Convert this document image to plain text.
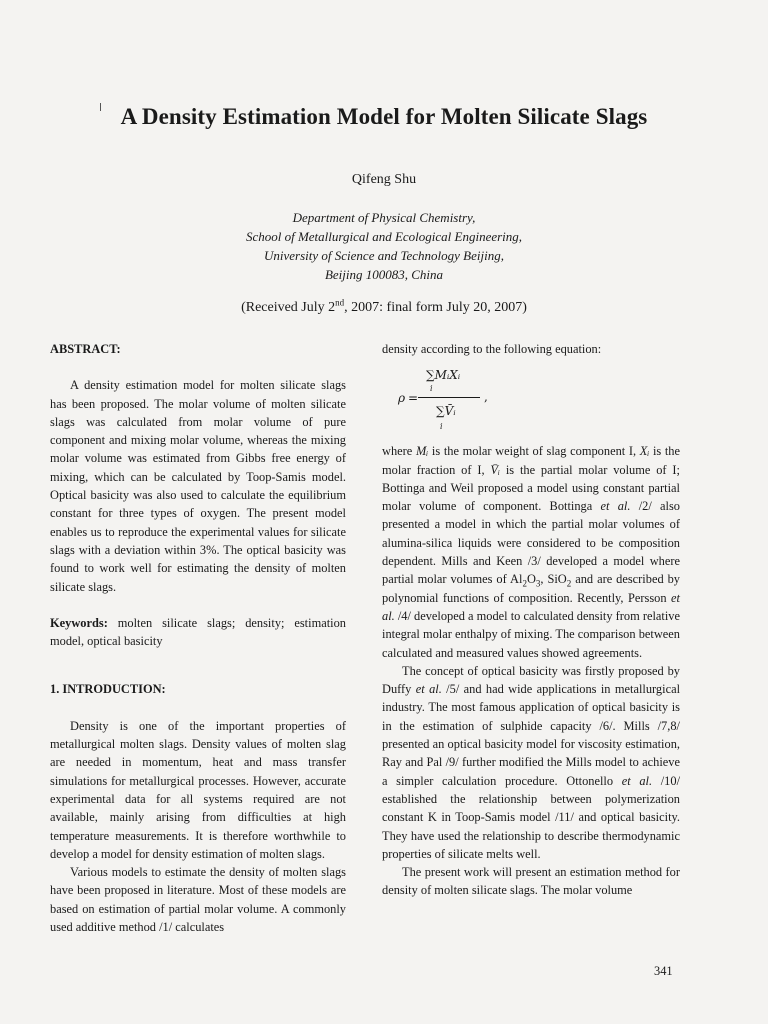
A Density Estimation Model for Molten Silicate Slags
Qifeng Shu
Department of Physical Chemistry,
School of Metallurgical and Ecological Engineering,
University of Science and Technology Beijing,
Beijing 100083, China
(Received July 2nd, 2007: final form July 20, 2007)

ABSTRACT:

A density estimation model for molten silicate slags has been proposed. The molar volume of molten silicate slags was calculated from molar volume of pure component and mixing molar volume, whereas the mixing molar volume was estimated from Gibbs free energy of mixing, which can be calculated by Toop-Samis model. Optical basicity was also used to calculate the equilibrium constant for three types of oxygen. The present model enables us to reproduce the experimental values for silicate slags with a deviation within 3%. The optical basicity was found to work well for estimating the density of molten silicate slags.

Keywords: molten silicate slags; density; estimation model, optical basicity

1. INTRODUCTION:

Density is one of the important properties of metallurgical molten slags. Density values of molten slag are needed in momentum, heat and mass transfer simulations for metallurgical processes. However, accurate experimental data for all systems required are not available, mainly arising from difficulties at high temperature measurements. It is therefore worthwhile to develop a model for density estimation of molten slags.

Various models to estimate the density of molten slags have been proposed in literature. Most of these models are based on estimation of partial molar volume. A commonly used additive method /1/ calculates

density according to the following equation:

ρ =
∑MᵢXᵢ
i
,
∑V̄ᵢ
i

where Mᵢ is the molar weight of slag component I, Xᵢ is the molar fraction of I, V̄ᵢ is the partial molar volume of I; Bottinga and Weil proposed a model using constant partial molar volume of component. Bottinga et al. /2/ also presented a model in which the partial molar volumes of alumina-silica liquids were considered to be composition dependent. Mills and Keen /3/ developed a model where partial molar volumes of $Al_2O_3$, SiO$_2$ and are described by polynomial functions of composition. Recently, Persson et al. /4/ developed a model to calculated density from relative integral molar enthalpy of mixing. The comparison between calculated and measured values showed agreements.

The concept of optical basicity was firstly proposed by Duffy et al. /5/ and had wide applications in metallurgical industry. The most famous application of optical basicity is in the estimation of sulphide capacity /6/. Mills /7,8/ presented an optical basicity model for viscosity estimation, Ray and Pal /9/ further modified the Mills model to achieve a simpler calculation procedure. Ottonello et al. /10/ established the relationship between polymerization constant K in Toop-Samis model /11/ and optical basicity. They have used the relationship to describe thermodynamic properties of silicate melts well.

The present work will present an estimation method for density of molten silicate slags. The molar volume

341
